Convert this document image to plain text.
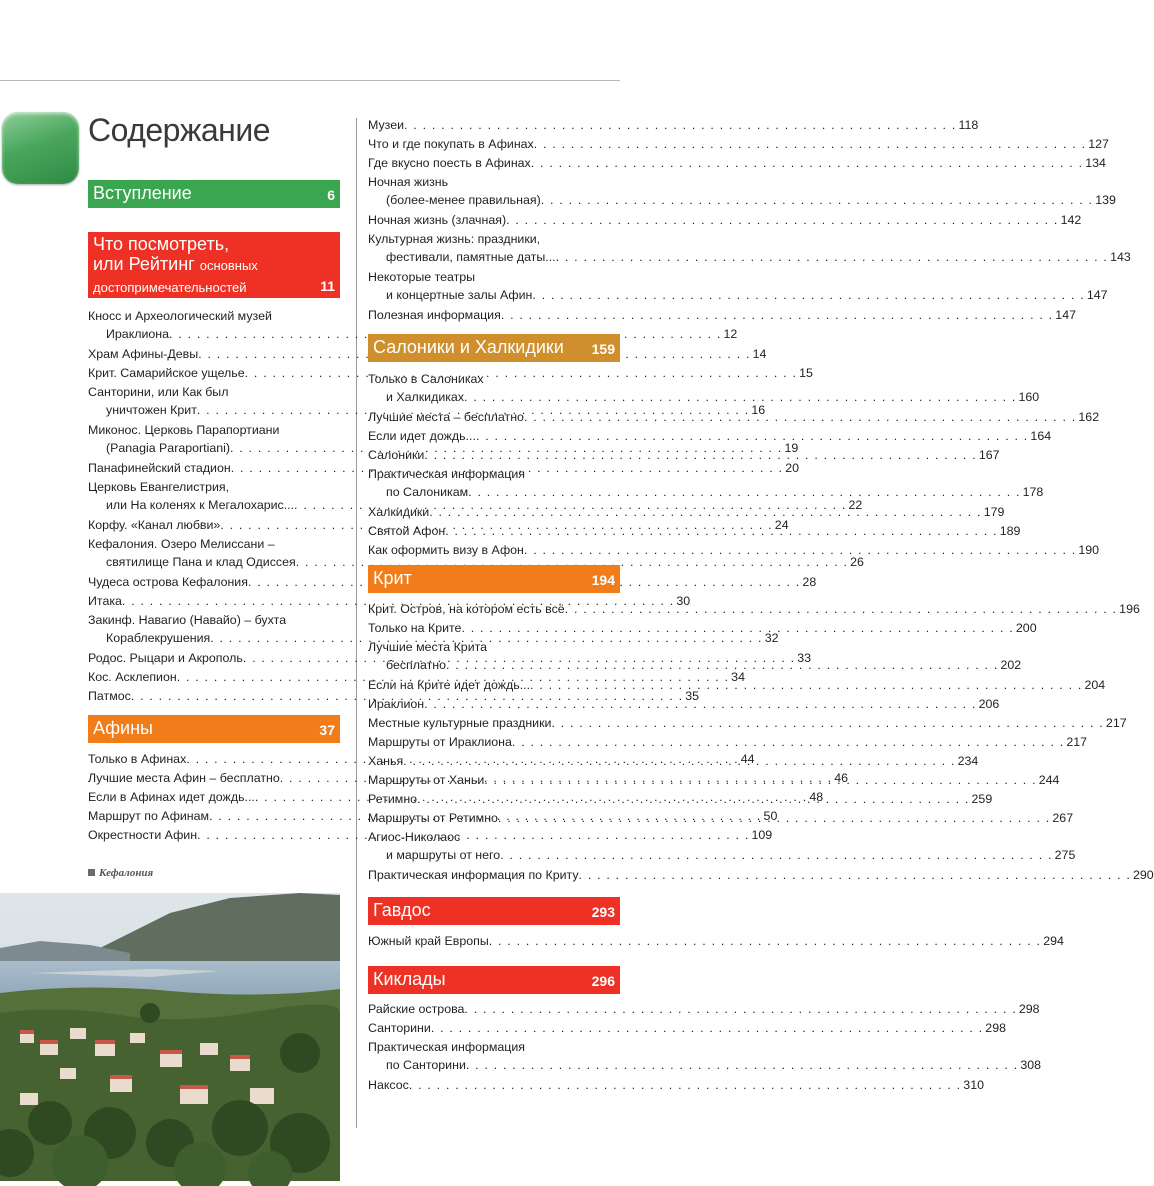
Содержание
Вступление	6
Что посмотреть,
или Рейтинг основных
достопримечательностей	11
Кносс и Археологический музей
Ираклиона . . .	12
Храм Афины-Девы . . .	14
Крит. Самарийское ущелье . . .	15
Санторини, или Как был
уничтожен Крит . . .	16
Миконос. Церковь Парапортиани
(Panagia Paraportiani) . . .	19
Панафинейский стадион . . .	20
Церковь Евангелистрия,
или На коленях к Мегалохарис... . . .	22
Корфу. «Канал любви» . . .	24
Кефалония. Озеро Мелиссани –
святилище Пана и клад Одиссея . . .	26
Чудеса острова Кефалония . . .	28
Итака . . .	30
Закинф. Навагио (Навайо) – бухта
Кораблекрушения . . .	32
Родос. Рыцари и Акрополь . . .	33
Кос. Асклепион . . .	34
Патмос . . .	35
Афины	37
Только в Афинах . . .	44
Лучшие места Афин – бесплатно . . .	46
Если в Афинах идет дождь... . . .	48
Маршрут по Афинам . . .	50
Окрестности Афин . . .	109
Кефалония
Музеи . . .	118
Что и где покупать в Афинах . . .	127
Где вкусно поесть в Афинах . . .	134
Ночная жизнь
(более-менее правильная) . . .	139
Ночная жизнь (злачная) . . .	142
Культурная жизнь: праздники,
фестивали, памятные даты... . . .	143
Некоторые театры
и концертные залы Афин . . .	147
Полезная информация . . .	147
Салоники и Халкидики 159
Только в Салониках
и Халкидиках . . .	160
Лучшие места – бесплатно . . .	162
Если идет дождь... . . .	164
Салоники . . .	167
Практическая информация
по Салоникам . . .	178
Халкидики . . .	179
Святой Афон . . .	189
Как оформить визу в Афон . . .	190
Крит	194
Крит. Остров, на котором есть всё . . .	196
Только на Крите . . .	200
Лучшие места Крита
бесплатно . . .	202
Если на Крите идет дождь... . . .	204
Ираклион . . .	206
Местные культурные праздники . . .	217
Маршруты от Ираклиона . . .	217
Ханья . . .	234
Маршруты от Ханьи . . .	244
Ретимно . . .	259
Маршруты от Ретимно . . .	267
Агиос-Николаос
и маршруты от него . . .	275
Практическая информация по Криту . . .	290
Гавдос	293
Южный край Европы . . .	294
Киклады	296
Райские острова . . .	298
Санторини . . .	298
Практическая информация
по Санторини . . .	308
Наксос . . .	310
